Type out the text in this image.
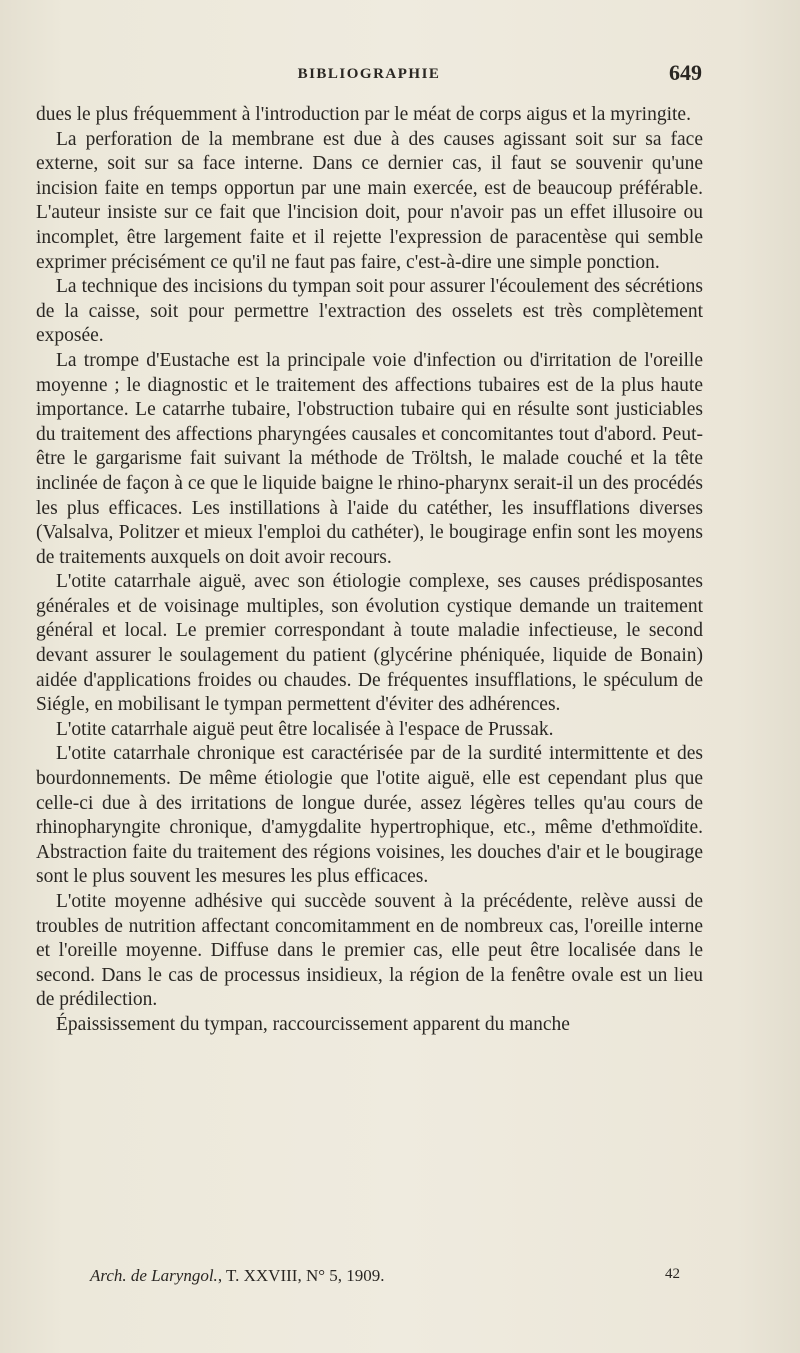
BIBLIOGRAPHIE	649

dues le plus fréquemment à l'introduction par le méat de corps aigus et la myringite.

La perforation de la membrane est due à des causes agissant soit sur sa face externe, soit sur sa face interne. Dans ce dernier cas, il faut se souvenir qu'une incision faite en temps opportun par une main exercée, est de beaucoup préférable. L'auteur insiste sur ce fait que l'incision doit, pour n'avoir pas un effet illusoire ou incomplet, être largement faite et il rejette l'expression de paracentèse qui semble exprimer précisément ce qu'il ne faut pas faire, c'est-à-dire une simple ponction.

La technique des incisions du tympan soit pour assurer l'écoulement des sécrétions de la caisse, soit pour permettre l'extraction des osselets est très complètement exposée.

La trompe d'Eustache est la principale voie d'infection ou d'irritation de l'oreille moyenne ; le diagnostic et le traitement des affections tubaires est de la plus haute importance. Le catarrhe tubaire, l'obstruction tubaire qui en résulte sont justiciables du traitement des affections pharyngées causales et concomitantes tout d'abord. Peut-être le gargarisme fait suivant la méthode de Tröltsh, le malade couché et la tête inclinée de façon à ce que le liquide baigne le rhino-pharynx serait-il un des procédés les plus efficaces. Les instillations à l'aide du catéther, les insufflations diverses (Valsalva, Politzer et mieux l'emploi du cathéter), le bougirage enfin sont les moyens de traitements auxquels on doit avoir recours.

L'otite catarrhale aiguë, avec son étiologie complexe, ses causes prédisposantes générales et de voisinage multiples, son évolution cystique demande un traitement général et local. Le premier correspondant à toute maladie infectieuse, le second devant assurer le soulagement du patient (glycérine phéniquée, liquide de Bonain) aidée d'applications froides ou chaudes. De fréquentes insufflations, le spéculum de Siégle, en mobilisant le tympan permettent d'éviter des adhérences.

L'otite catarrhale aiguë peut être localisée à l'espace de Prussak.

L'otite catarrhale chronique est caractérisée par de la surdité intermittente et des bourdonnements. De même étiologie que l'otite aiguë, elle est cependant plus que celle-ci due à des irritations de longue durée, assez légères telles qu'au cours de rhinopharyngite chronique, d'amygdalite hypertrophique, etc., même d'ethmoïdite. Abstraction faite du traitement des régions voisines, les douches d'air et le bougirage sont le plus souvent les mesures les plus efficaces.

L'otite moyenne adhésive qui succède souvent à la précédente, relève aussi de troubles de nutrition affectant concomitamment en de nombreux cas, l'oreille interne et l'oreille moyenne. Diffuse dans le premier cas, elle peut être localisée dans le second. Dans le cas de processus insidieux, la région de la fenêtre ovale est un lieu de prédilection.

Épaississement du tympan, raccourcissement apparent du manche

Arch. de Laryngol., T. XXVIII, N° 5, 1909.	42
